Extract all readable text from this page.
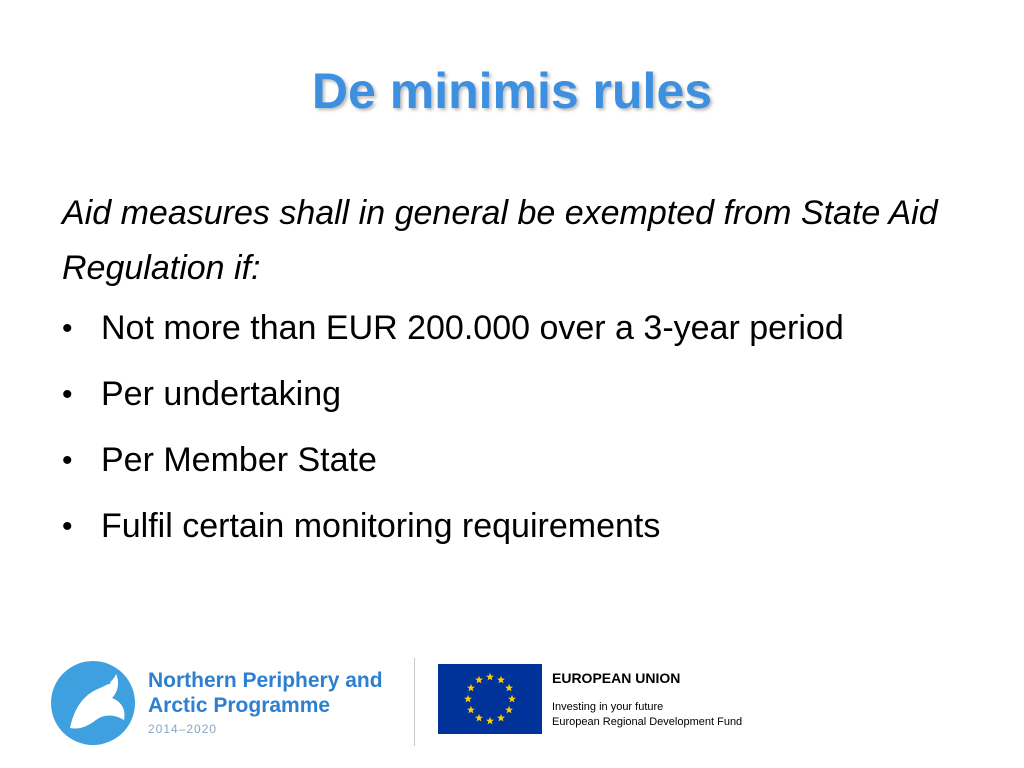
De minimis rules

Aid measures shall in general be exempted from State Aid Regulation if:

• Not more than EUR 200.000 over a 3-year period
• Per undertaking
• Per Member State
• Fulfil certain monitoring requirements
Northern Periphery and
Arctic Programme
2014–2020
EUROPEAN UNION
Investing in your future
European Regional Development Fund
